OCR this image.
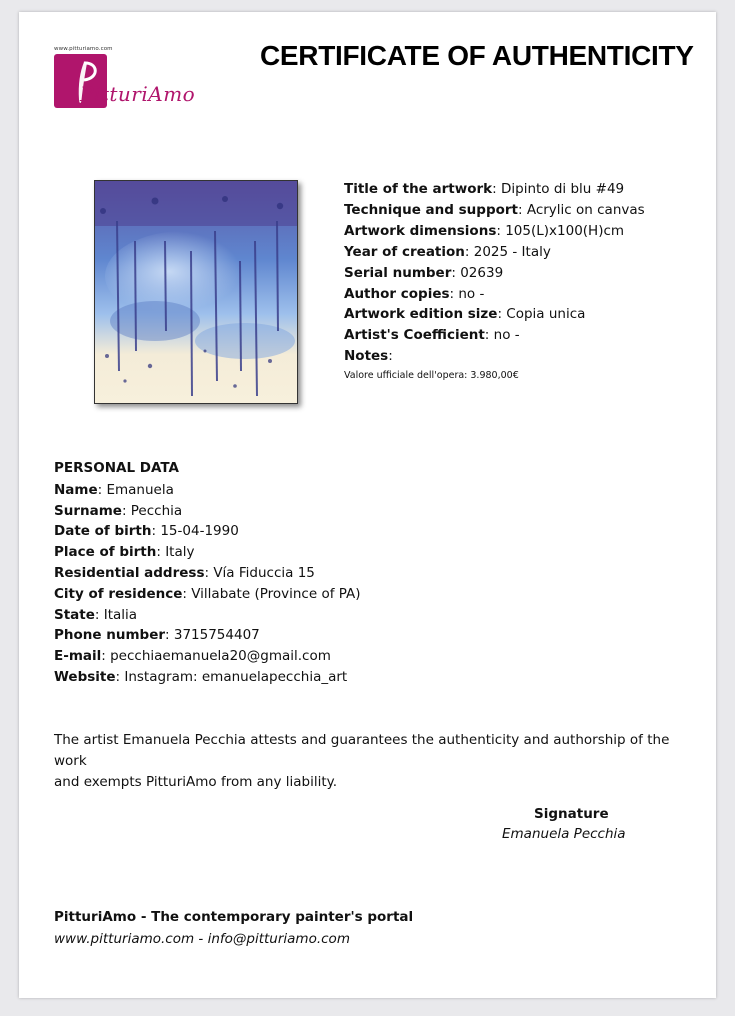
www.pitturiamo.com
PitturiAmo
CERTIFICATE OF AUTHENTICITY
Title of the artwork: Dipinto di blu #49
Technique and support: Acrylic on canvas
Artwork dimensions: 105(L)x100(H)cm
Year of creation: 2025 - Italy
Serial number: 02639
Author copies: no -
Artwork edition size: Copia unica
Artist's Coefficient: no -
Notes:
Valore ufficiale dell'opera: 3.980,00€
PERSONAL DATA
Name: Emanuela
Surname: Pecchia
Date of birth: 15-04-1990
Place of birth: Italy
Residential address: Vía Fiduccia 15
City of residence: Villabate (Province of PA)
State: Italia
Phone number: 3715754407
E-mail: pecchiaemanuela20@gmail.com
Website: Instagram: emanuelapecchia_art
The artist Emanuela Pecchia attests and guarantees the authenticity and authorship of the work
and exempts PitturiAmo from any liability.
Signature
Emanuela Pecchia
PitturiAmo - The contemporary painter's portal
www.pitturiamo.com - info@pitturiamo.com
